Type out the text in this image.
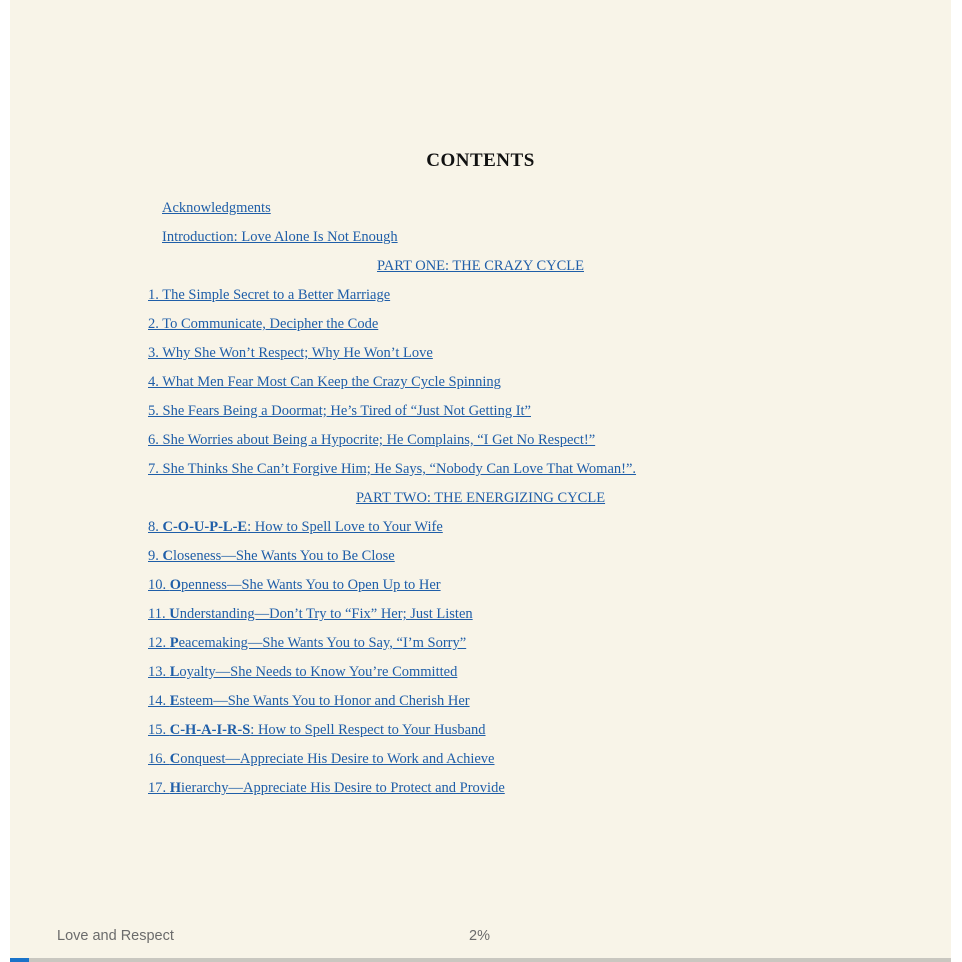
CONTENTS
Acknowledgments
Introduction: Love Alone Is Not Enough
PART ONE: THE CRAZY CYCLE
1. The Simple Secret to a Better Marriage
2. To Communicate, Decipher the Code
3. Why She Won’t Respect; Why He Won’t Love
4. What Men Fear Most Can Keep the Crazy Cycle Spinning
5. She Fears Being a Doormat; He’s Tired of “Just Not Getting It”
6. She Worries about Being a Hypocrite; He Complains, “I Get No Respect!”
7. She Thinks She Can’t Forgive Him; He Says, “Nobody Can Love That Woman!”.
PART TWO: THE ENERGIZING CYCLE
8. C-O-U-P-L-E: How to Spell Love to Your Wife
9. Closeness—She Wants You to Be Close
10. Openness—She Wants You to Open Up to Her
11. Understanding—Don’t Try to “Fix” Her; Just Listen
12. Peacemaking—She Wants You to Say, “I’m Sorry”
13. Loyalty—She Needs to Know You’re Committed
14. Esteem—She Wants You to Honor and Cherish Her
15. C-H-A-I-R-S: How to Spell Respect to Your Husband
16. Conquest—Appreciate His Desire to Work and Achieve
17. Hierarchy—Appreciate His Desire to Protect and Provide
Love and Respect	2%
